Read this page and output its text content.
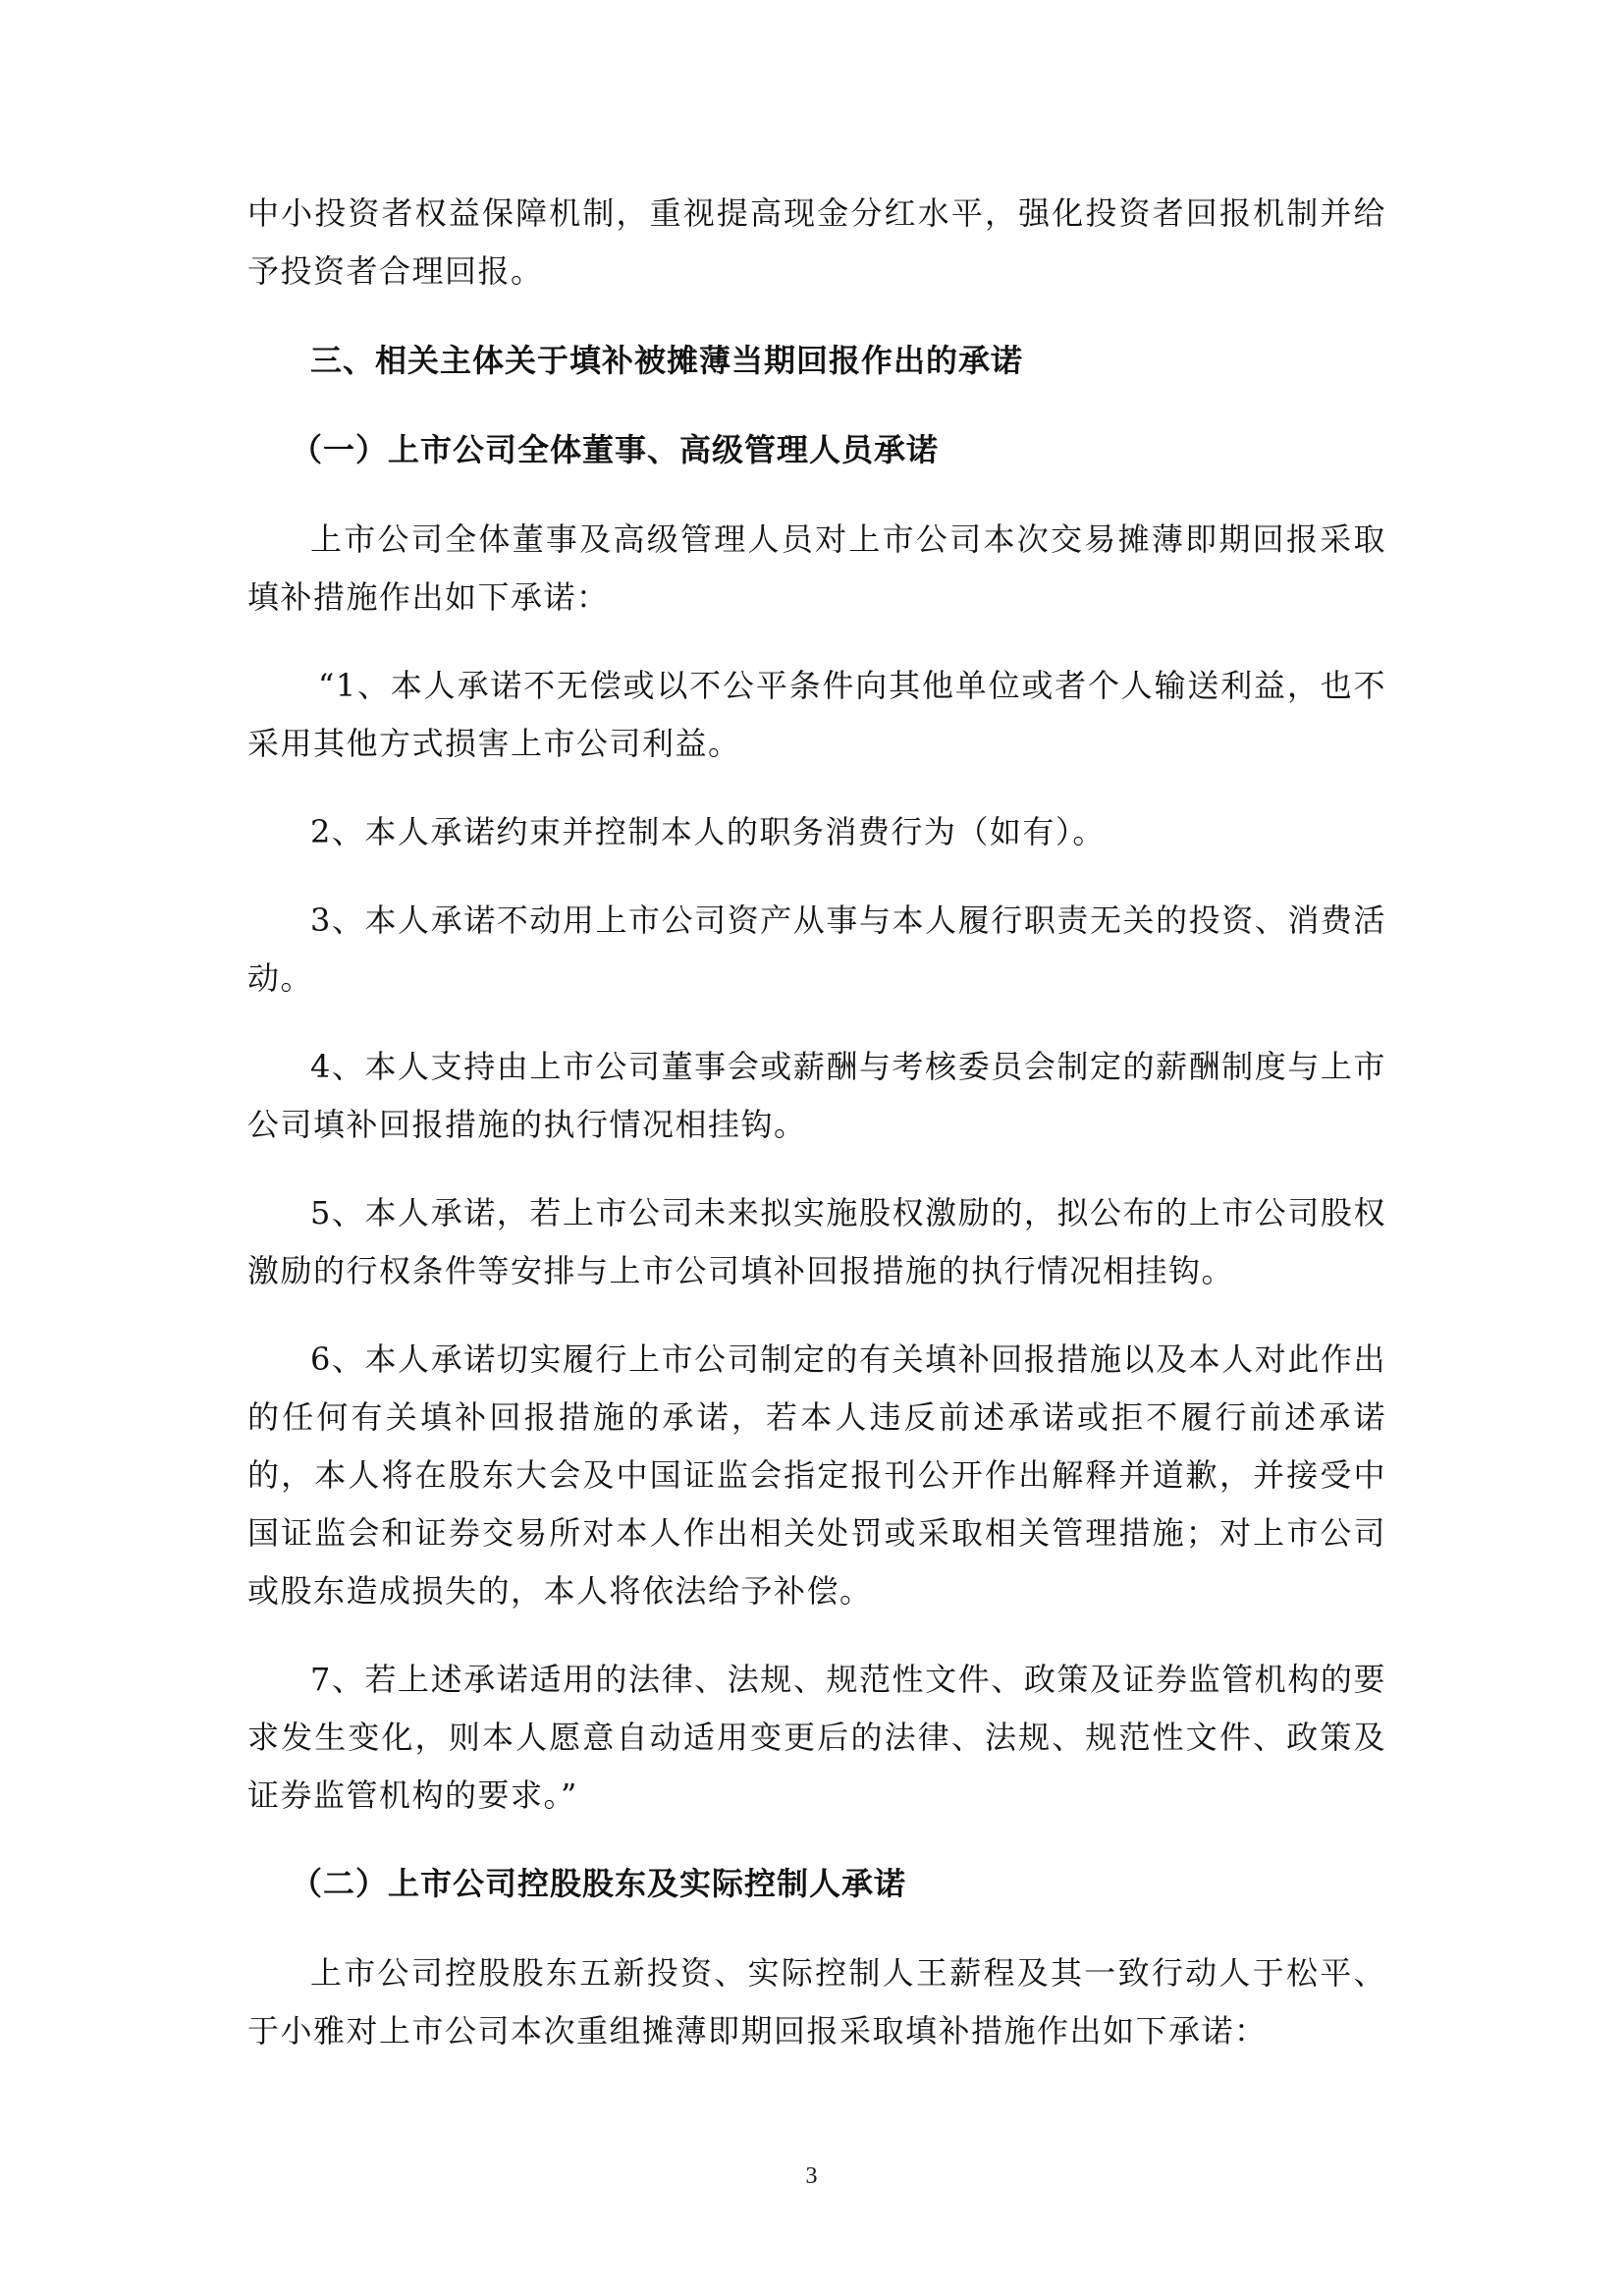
中小投资者权益保障机制，重视提高现金分红水平，强化投资者回报机制并给予投资者合理回报。

三、相关主体关于填补被摊薄当期回报作出的承诺

（一）上市公司全体董事、高级管理人员承诺

上市公司全体董事及高级管理人员对上市公司本次交易摊薄即期回报采取填补措施作出如下承诺：

“1、本人承诺不无偿或以不公平条件向其他单位或者个人输送利益，也不采用其他方式损害上市公司利益。

2、本人承诺约束并控制本人的职务消费行为（如有）。

3、本人承诺不动用上市公司资产从事与本人履行职责无关的投资、消费活动。

4、本人支持由上市公司董事会或薪酬与考核委员会制定的薪酬制度与上市公司填补回报措施的执行情况相挂钩。

5、本人承诺，若上市公司未来拟实施股权激励的，拟公布的上市公司股权激励的行权条件等安排与上市公司填补回报措施的执行情况相挂钩。

6、本人承诺切实履行上市公司制定的有关填补回报措施以及本人对此作出的任何有关填补回报措施的承诺，若本人违反前述承诺或拒不履行前述承诺的，本人将在股东大会及中国证监会指定报刊公开作出解释并道歉，并接受中国证监会和证券交易所对本人作出相关处罚或采取相关管理措施；对上市公司或股东造成损失的，本人将依法给予补偿。

7、若上述承诺适用的法律、法规、规范性文件、政策及证券监管机构的要求发生变化，则本人愿意自动适用变更后的法律、法规、规范性文件、政策及证券监管机构的要求。”

（二）上市公司控股股东及实际控制人承诺

上市公司控股股东五新投资、实际控制人王薪程及其一致行动人于松平、于小雅对上市公司本次重组摊薄即期回报采取填补措施作出如下承诺：

3
